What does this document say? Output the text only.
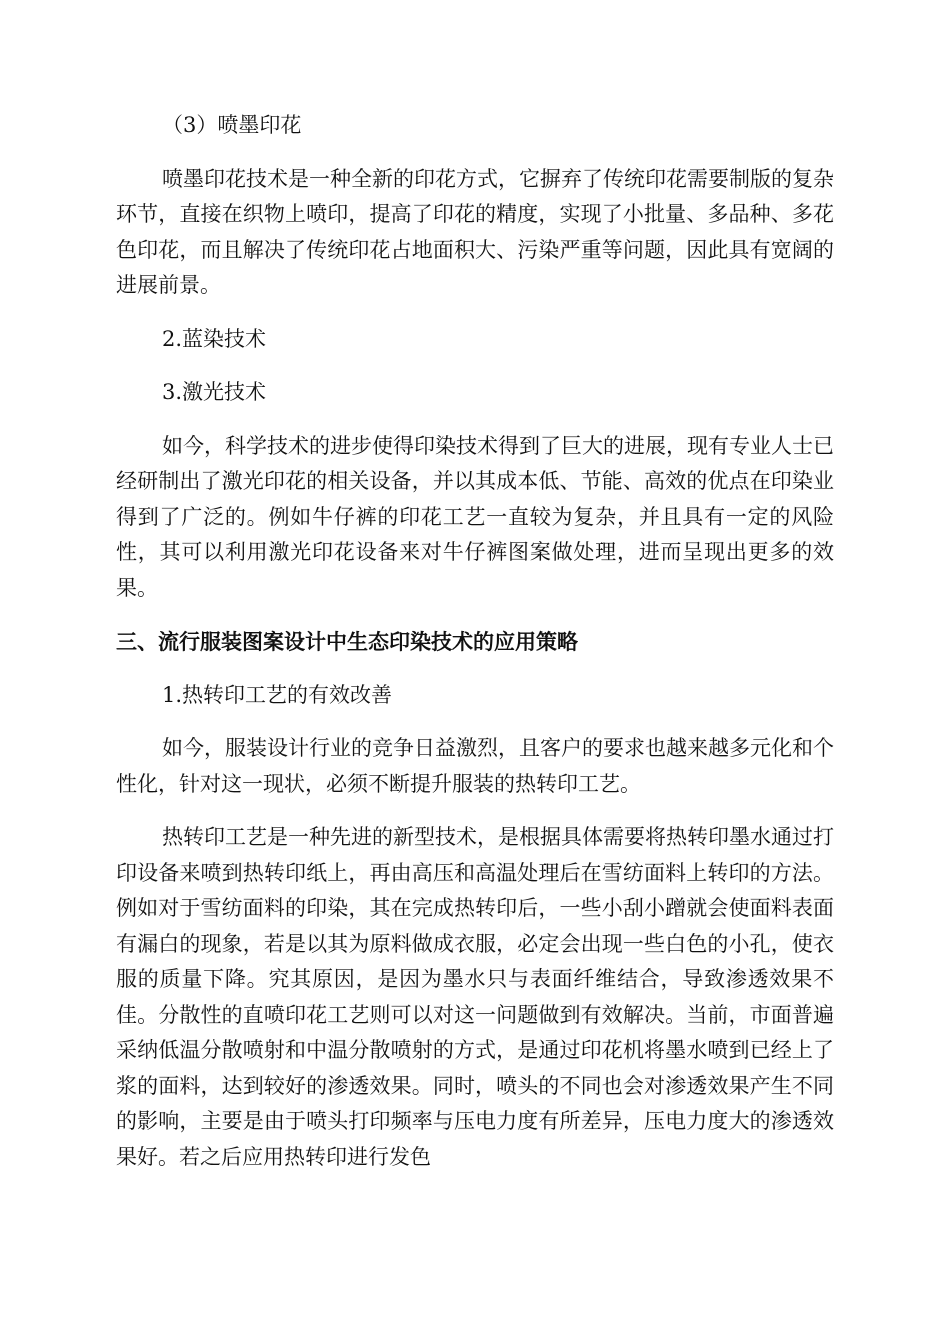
（3）喷墨印花

喷墨印花技术是一种全新的印花方式，它摒弃了传统印花需要制版的复杂环节，直接在织物上喷印，提高了印花的精度，实现了小批量、多品种、多花色印花，而且解决了传统印花占地面积大、污染严重等问题，因此具有宽阔的进展前景。

2.蓝染技术

3.激光技术

如今，科学技术的进步使得印染技术得到了巨大的进展，现有专业人士已经研制出了激光印花的相关设备，并以其成本低、节能、高效的优点在印染业得到了广泛的。例如牛仔裤的印花工艺一直较为复杂，并且具有一定的风险性，其可以利用激光印花设备来对牛仔裤图案做处理，进而呈现出更多的效果。

三、流行服装图案设计中生态印染技术的应用策略

1.热转印工艺的有效改善

如今，服装设计行业的竞争日益激烈，且客户的要求也越来越多元化和个性化，针对这一现状，必须不断提升服装的热转印工艺。

热转印工艺是一种先进的新型技术，是根据具体需要将热转印墨水通过打印设备来喷到热转印纸上，再由高压和高温处理后在雪纺面料上转印的方法。例如对于雪纺面料的印染，其在完成热转印后，一些小刮小蹭就会使面料表面有漏白的现象，若是以其为原料做成衣服，必定会出现一些白色的小孔，使衣服的质量下降。究其原因，是因为墨水只与表面纤维结合，导致渗透效果不佳。分散性的直喷印花工艺则可以对这一问题做到有效解决。当前，市面普遍采纳低温分散喷射和中温分散喷射的方式，是通过印花机将墨水喷到已经上了浆的面料，达到较好的渗透效果。同时，喷头的不同也会对渗透效果产生不同的影响，主要是由于喷头打印频率与压电力度有所差异，压电力度大的渗透效果好。若之后应用热转印进行发色
